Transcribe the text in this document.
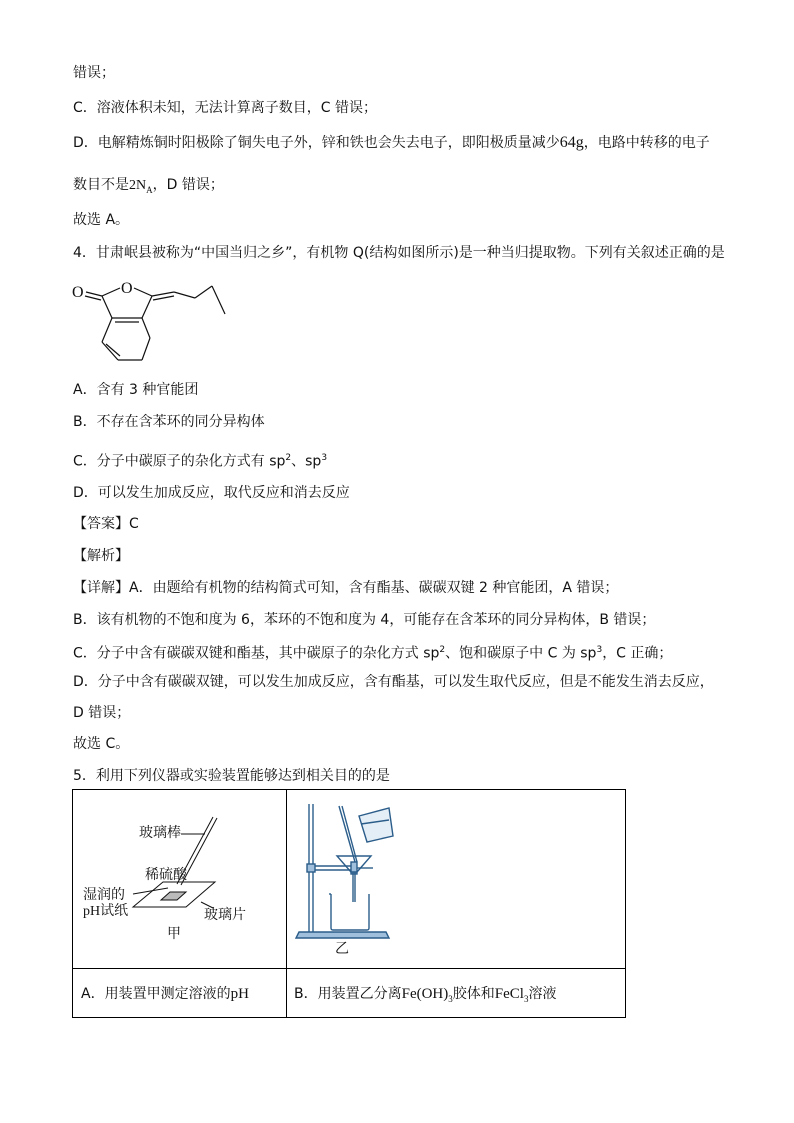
错误；
C．溶液体积未知，无法计算离子数目，C 错误；
D．电解精炼铜时阳极除了铜失电子外，锌和铁也会失去电子，即阳极质量减少64g，电路中转移的电子
数目不是$2N_A$，D 错误；
故选 A。
4．甘肃岷县被称为“中国当归之乡”，有机物 Q(结构如图所示)是一种当归提取物。下列有关叙述正确的是
O O
A．含有 3 种官能团
B．不存在含苯环的同分异构体
C．分子中碳原子的杂化方式有 $sp^2$、$sp^3$
D．可以发生加成反应，取代反应和消去反应
【答案】C
【解析】
【详解】A．由题给有机物的结构简式可知，含有酯基、碳碳双键 2 种官能团，A 错误；
B．该有机物的不饱和度为 6，苯环的不饱和度为 4，可能存在含苯环的同分异构体，B 错误；
C．分子中含有碳碳双键和酯基，其中碳原子的杂化方式 $sp^2$、饱和碳原子中 C 为 $sp^3$，C 正确；
D．分子中含有碳碳双键，可以发生加成反应，含有酯基，可以发生取代反应，但是不能发生消去反应，
D 错误；
故选 C。
5．利用下列仪器或实验装置能够达到相关目的的是
玻璃棒
稀硫酸
湿润的
pH试纸	玻璃片
甲
乙
A．用装置甲测定溶液的pH	B．用装置乙分离$Fe(OH)_3$胶体和FeCl$_3$溶液
